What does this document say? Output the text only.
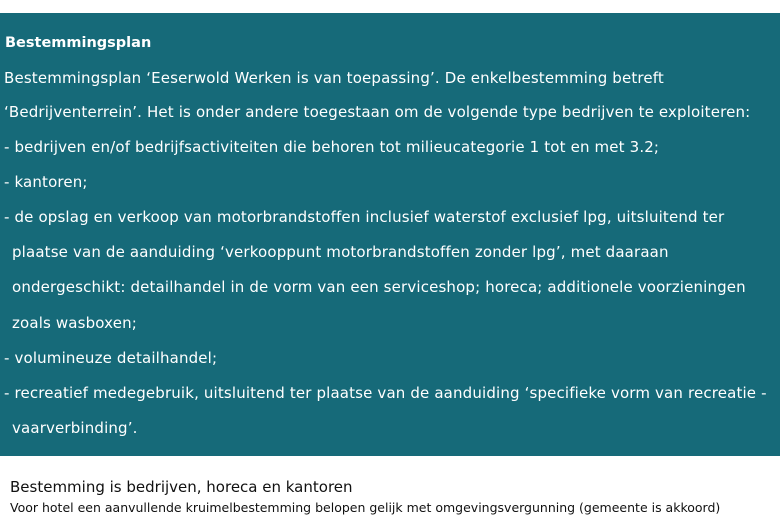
Bestemmingsplan
Bestemmingsplan ‘Eeserwold Werken is van toepassing’. De enkelbestemming betreft
‘Bedrijventerrein’. Het is onder andere toegestaan om de volgende type bedrijven te exploiteren:
- bedrijven en/of bedrijfsactiviteiten die behoren tot milieucategorie 1 tot en met 3.2;
- kantoren;
- de opslag en verkoop van motorbrandstoffen inclusief waterstof exclusief lpg, uitsluitend ter
plaatse van de aanduiding ‘verkooppunt motorbrandstoffen zonder lpg’, met daaraan
ondergeschikt: detailhandel in de vorm van een serviceshop; horeca; additionele voorzieningen
zoals wasboxen;
- volumineuze detailhandel;
- recreatief medegebruik, uitsluitend ter plaatse van de aanduiding ‘specifieke vorm van recreatie -
vaarverbinding’.
Bestemming is bedrijven, horeca en kantoren
Voor hotel een aanvullende kruimelbestemming belopen gelijk met omgevingsvergunning (gemeente is akkoord)
